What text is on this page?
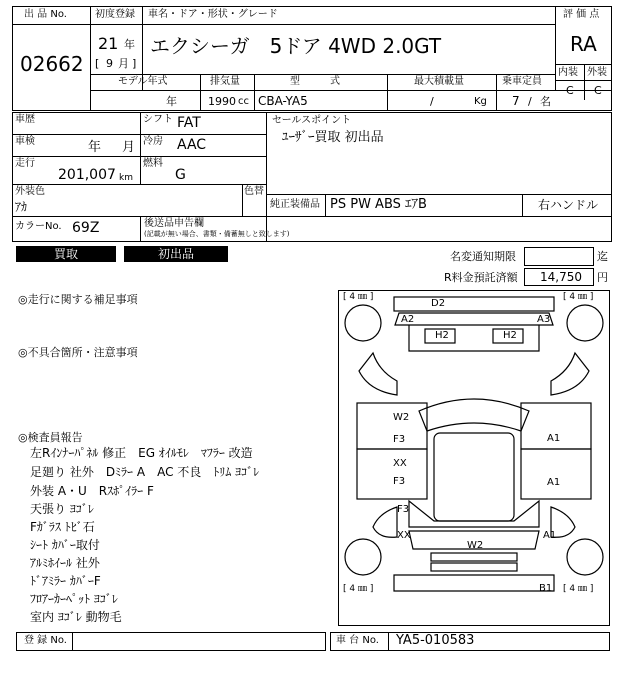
出 品 No.
02662
初度登録 車名・ドア・形状・グレード
21 年
[ 9 月 ]
エクシーガ　5ドア 4WD 2.0GT
モデル年式	排気量	型　　　式	最大積載量	乗車定員
年	1990 cc CBA-YA5	/	Kg 7 / 名
評 価 点
RA
内装 外装
C C
車歴	シフト FAT
車検	年 月 冷房 AAC
走行
201,007 km
燃料
G
外装色	色替
ｱｶ
カラーNo. 69Z	後送品申告欄
(記載が無い場合、書類・備蓄無しと致します)
セールスポイント
ﾕｰｻﾞｰ買取 初出品
純正装備品 PS PW ABS ｴｱB	右ハンドル
買取	初出品	名変通知期限	迄
R料金預託済額 14,750 円
◎走行に関する補足事項
◎不具合箇所・注意事項
◎検査員報告
左Rｲﾝﾅｰﾊﾟﾈﾙ 修正　EG ｵｲﾙﾓﾚ　ﾏﾌﾗｰ 改造
足廻り 社外　Dﾐﾗｰ A　AC 不良　ﾄﾘﾑ ﾖｺﾞﾚ
外装 A・U　Rｽﾎﾟｲﾗｰ F
天張り ﾖｺﾞﾚ
Fｶﾞﾗｽ ﾄﾋﾞ石
ｼｰﾄ ｶﾊﾞｰ取付
ｱﾙﾐﾎｲｰﾙ 社外
ﾄﾞｱﾐﾗｰ ｶﾊﾞｰF
ﾌﾛｱｰｶｰﾍﾟｯﾄ ﾖｺﾞﾚ
室内 ﾖｺﾞﾚ 動物毛
[ 4 ㎜ ]	[ 4 ㎜ ]
[ 4 ㎜ ]	[ 4 ㎜ ]
D2
A2	A3
H2	H2
W2
F3	A1
XX
F3	A1
F3
XX	A1
W2
B1
登 録 No.	車 台 No. YA5-010583
